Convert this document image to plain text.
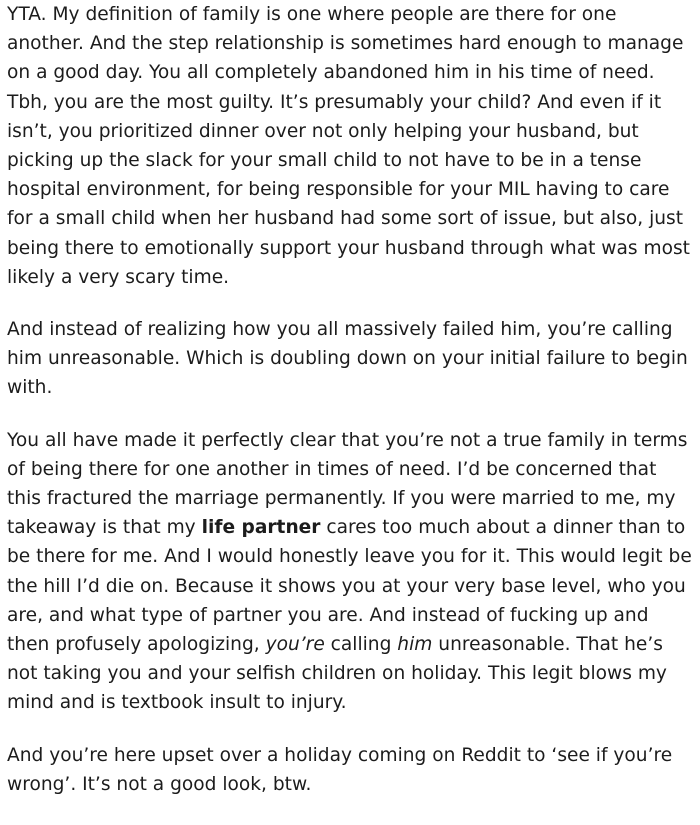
YTA. My definition of family is one where people are there for one another. And the step relationship is sometimes hard enough to manage on a good day. You all completely abandoned him in his time of need. Tbh, you are the most guilty. It’s presumably your child? And even if it isn’t, you prioritized dinner over not only helping your husband, but picking up the slack for your small child to not have to be in a tense hospital environment, for being responsible for your MIL having to care for a small child when her husband had some sort of issue, but also, just being there to emotionally support your husband through what was most likely a very scary time.

And instead of realizing how you all massively failed him, you’re calling him unreasonable. Which is doubling down on your initial failure to begin with.

You all have made it perfectly clear that you’re not a true family in terms of being there for one another in times of need. I’d be concerned that this fractured the marriage permanently. If you were married to me, my takeaway is that my life partner cares too much about a dinner than to be there for me. And I would honestly leave you for it. This would legit be the hill I’d die on. Because it shows you at your very base level, who you are, and what type of partner you are. And instead of fucking up and then profusely apologizing, you’re calling him unreasonable. That he’s not taking you and your selfish children on holiday. This legit blows my mind and is textbook insult to injury.

And you’re here upset over a holiday coming on Reddit to ‘see if you’re wrong’. It’s not a good look, btw.
